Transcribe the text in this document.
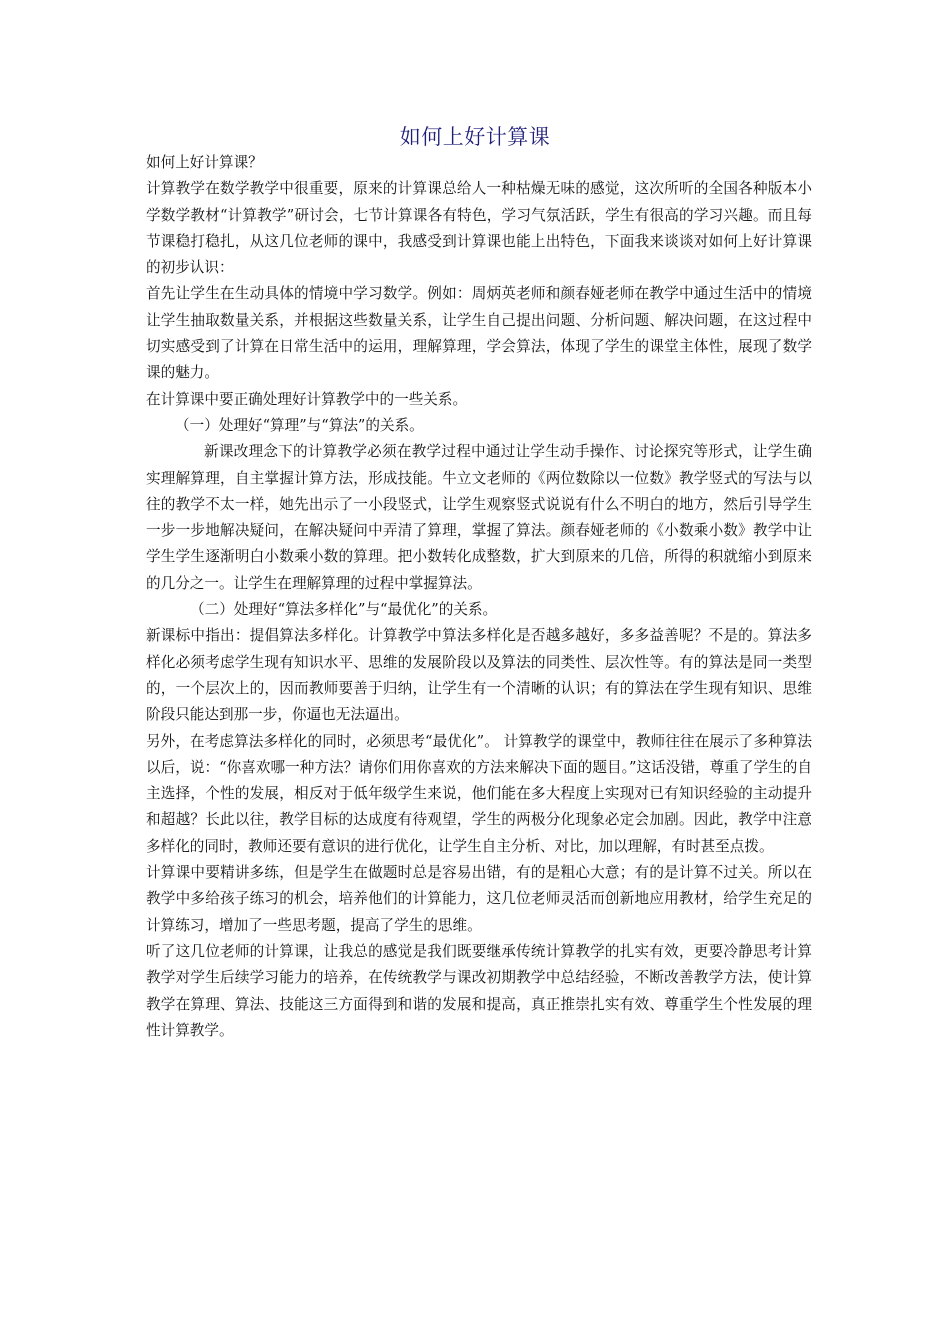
如何上好计算课

如何上好计算课？

计算教学在数学教学中很重要，原来的计算课总给人一种枯燥无味的感觉，这次所听的全国各种版本小学数学教材“计算教学”研讨会，七节计算课各有特色，学习气氛活跃，学生有很高的学习兴趣。而且每节课稳打稳扎，从这几位老师的课中，我感受到计算课也能上出特色，下面我来谈谈对如何上好计算课的初步认识：

首先让学生在生动具体的情境中学习数学。例如：周炳英老师和颜春娅老师在教学中通过生活中的情境让学生抽取数量关系，并根据这些数量关系，让学生自己提出问题、分析问题、解决问题，在这过程中切实感受到了计算在日常生活中的运用，理解算理，学会算法，体现了学生的课堂主体性，展现了数学课的魅力。

在计算课中要正确处理好计算教学中的一些关系。

（一）处理好“算理”与“算法”的关系。

新课改理念下的计算教学必须在教学过程中通过让学生动手操作、讨论探究等形式，让学生确实理解算理，自主掌握计算方法，形成技能。牛立文老师的《两位数除以一位数》教学竖式的写法与以往的教学不太一样，她先出示了一小段竖式，让学生观察竖式说说有什么不明白的地方，然后引导学生一步一步地解决疑问，在解决疑问中弄清了算理，掌握了算法。颜春娅老师的《小数乘小数》教学中让学生学生逐渐明白小数乘小数的算理。把小数转化成整数，扩大到原来的几倍，所得的积就缩小到原来的几分之一。让学生在理解算理的过程中掌握算法。

（二）处理好“算法多样化”与“最优化”的关系。

新课标中指出：提倡算法多样化。计算教学中算法多样化是否越多越好，多多益善呢？不是的。算法多样化必须考虑学生现有知识水平、思维的发展阶段以及算法的同类性、层次性等。有的算法是同一类型的，一个层次上的，因而教师要善于归纳，让学生有一个清晰的认识；有的算法在学生现有知识、思维阶段只能达到那一步，你逼也无法逼出。

另外，在考虑算法多样化的同时，必须思考“最优化”。 计算教学的课堂中，教师往往在展示了多种算法以后，说：“你喜欢哪一种方法？请你们用你喜欢的方法来解决下面的题目。”这话没错，尊重了学生的自主选择，个性的发展，相反对于低年级学生来说，他们能在多大程度上实现对已有知识经验的主动提升和超越？长此以往，教学目标的达成度有待观望，学生的两极分化现象必定会加剧。因此，教学中注意多样化的同时，教师还要有意识的进行优化，让学生自主分析、对比，加以理解，有时甚至点拨。

计算课中要精讲多练，但是学生在做题时总是容易出错，有的是粗心大意；有的是计算不过关。所以在教学中多给孩子练习的机会，培养他们的计算能力，这几位老师灵活而创新地应用教材，给学生充足的计算练习，增加了一些思考题，提高了学生的思维。

听了这几位老师的计算课，让我总的感觉是我们既要继承传统计算教学的扎实有效，更要冷静思考计算教学对学生后续学习能力的培养，在传统教学与课改初期教学中总结经验，不断改善教学方法，使计算教学在算理、算法、技能这三方面得到和谐的发展和提高，真正推崇扎实有效、尊重学生个性发展的理性计算教学。
